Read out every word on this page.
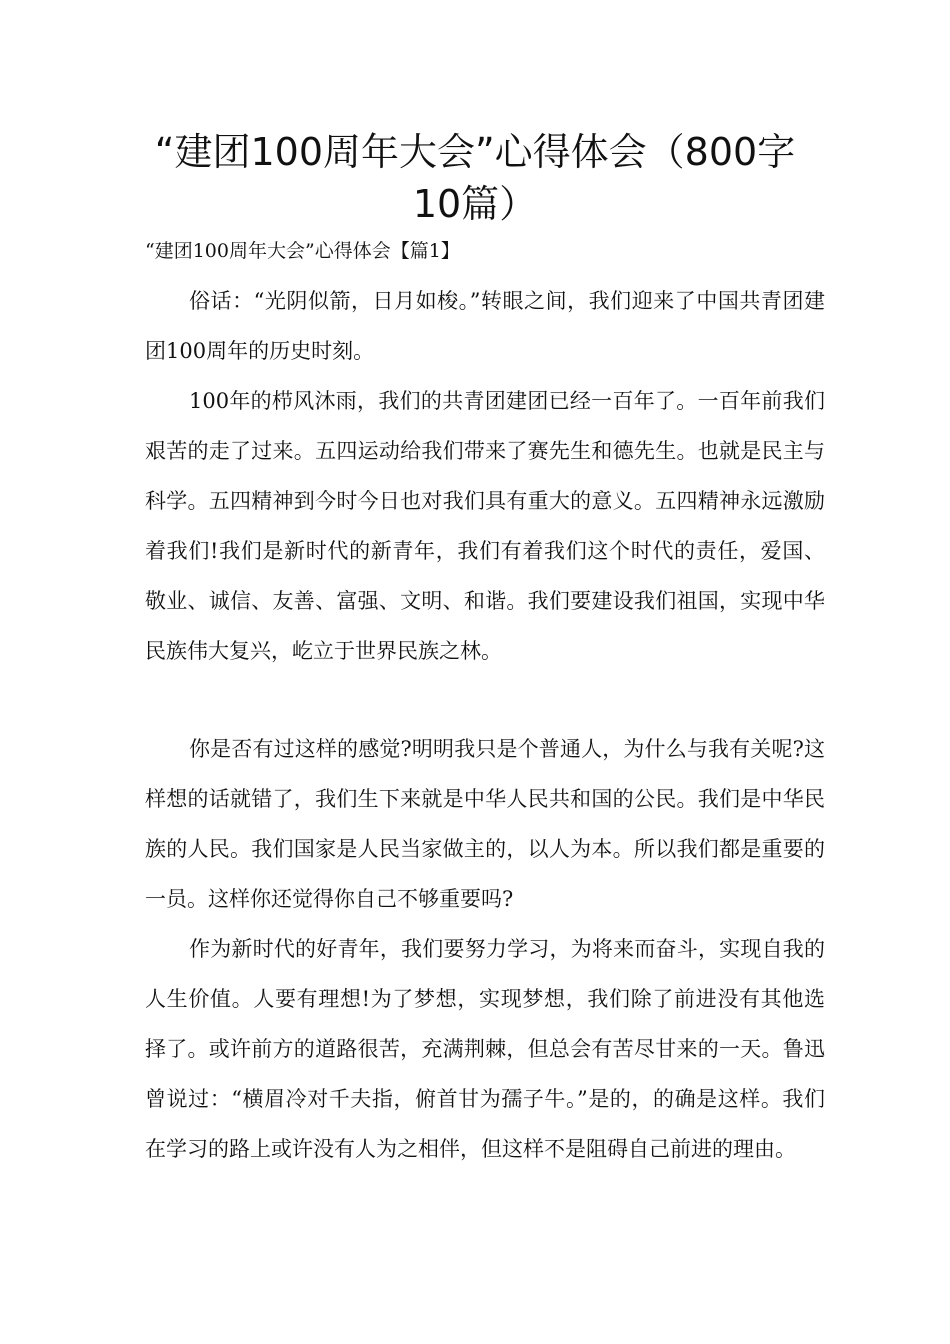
“建团100周年大会”心得体会（800字10篇）
“建团100周年大会”心得体会【篇1】

俗话：“光阴似箭，日月如梭。”转眼之间，我们迎来了中国共青团建团100周年的历史时刻。

100年的栉风沐雨，我们的共青团建团已经一百年了。一百年前我们艰苦的走了过来。五四运动给我们带来了赛先生和德先生。也就是民主与科学。五四精神到今时今日也对我们具有重大的意义。五四精神永远激励着我们!我们是新时代的新青年，我们有着我们这个时代的责任，爱国、敬业、诚信、友善、富强、文明、和谐。我们要建设我们祖国，实现中华民族伟大复兴，屹立于世界民族之林。

你是否有过这样的感觉?明明我只是个普通人，为什么与我有关呢?这样想的话就错了，我们生下来就是中华人民共和国的公民。我们是中华民族的人民。我们国家是人民当家做主的，以人为本。所以我们都是重要的一员。这样你还觉得你自己不够重要吗?

作为新时代的好青年，我们要努力学习，为将来而奋斗，实现自我的人生价值。人要有理想!为了梦想，实现梦想，我们除了前进没有其他选择了。或许前方的道路很苦，充满荆棘，但总会有苦尽甘来的一天。鲁迅曾说过：“横眉冷对千夫指，俯首甘为孺子牛。”是的，的确是这样。我们在学习的路上或许没有人为之相伴，但这样不是阻碍自己前进的理由。
